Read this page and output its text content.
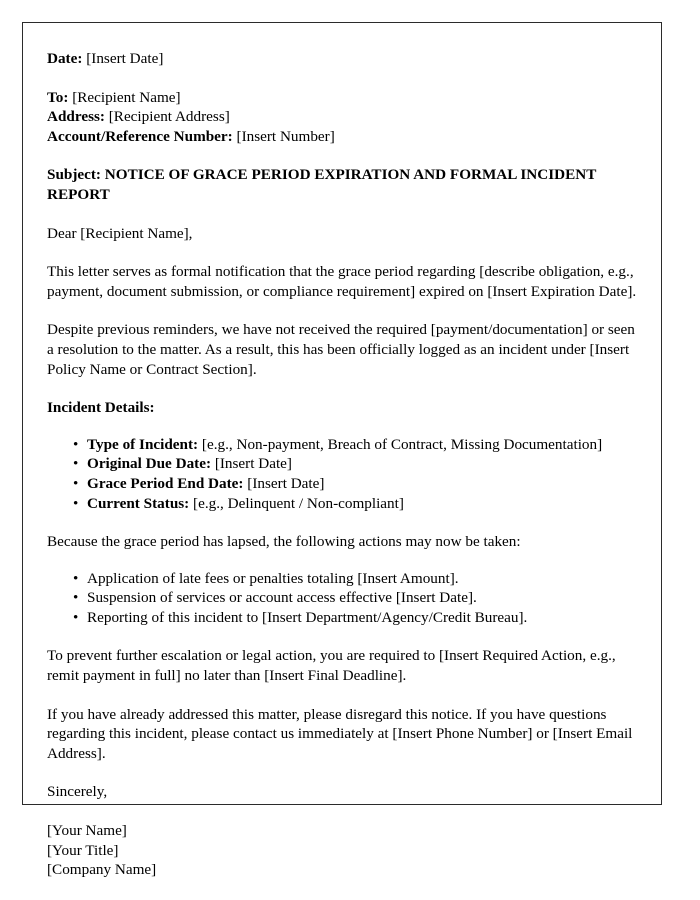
Date: [Insert Date]
To: [Recipient Name]
Address: [Recipient Address]
Account/Reference Number: [Insert Number]
Subject: NOTICE OF GRACE PERIOD EXPIRATION AND FORMAL INCIDENT REPORT
Dear [Recipient Name],
This letter serves as formal notification that the grace period regarding [describe obligation, e.g., payment, document submission, or compliance requirement] expired on [Insert Expiration Date].
Despite previous reminders, we have not received the required [payment/documentation] or seen a resolution to the matter. As a result, this has been officially logged as an incident under [Insert Policy Name or Contract Section].
Incident Details:
• Type of Incident: [e.g., Non-payment, Breach of Contract, Missing Documentation]
• Original Due Date: [Insert Date]
• Grace Period End Date: [Insert Date]
• Current Status: [e.g., Delinquent / Non-compliant]
Because the grace period has lapsed, the following actions may now be taken:
• Application of late fees or penalties totaling [Insert Amount].
• Suspension of services or account access effective [Insert Date].
• Reporting of this incident to [Insert Department/Agency/Credit Bureau].
To prevent further escalation or legal action, you are required to [Insert Required Action, e.g., remit payment in full] no later than [Insert Final Deadline].
If you have already addressed this matter, please disregard this notice. If you have questions regarding this incident, please contact us immediately at [Insert Phone Number] or [Insert Email Address].
Sincerely,
[Your Name]
[Your Title]
[Company Name]
